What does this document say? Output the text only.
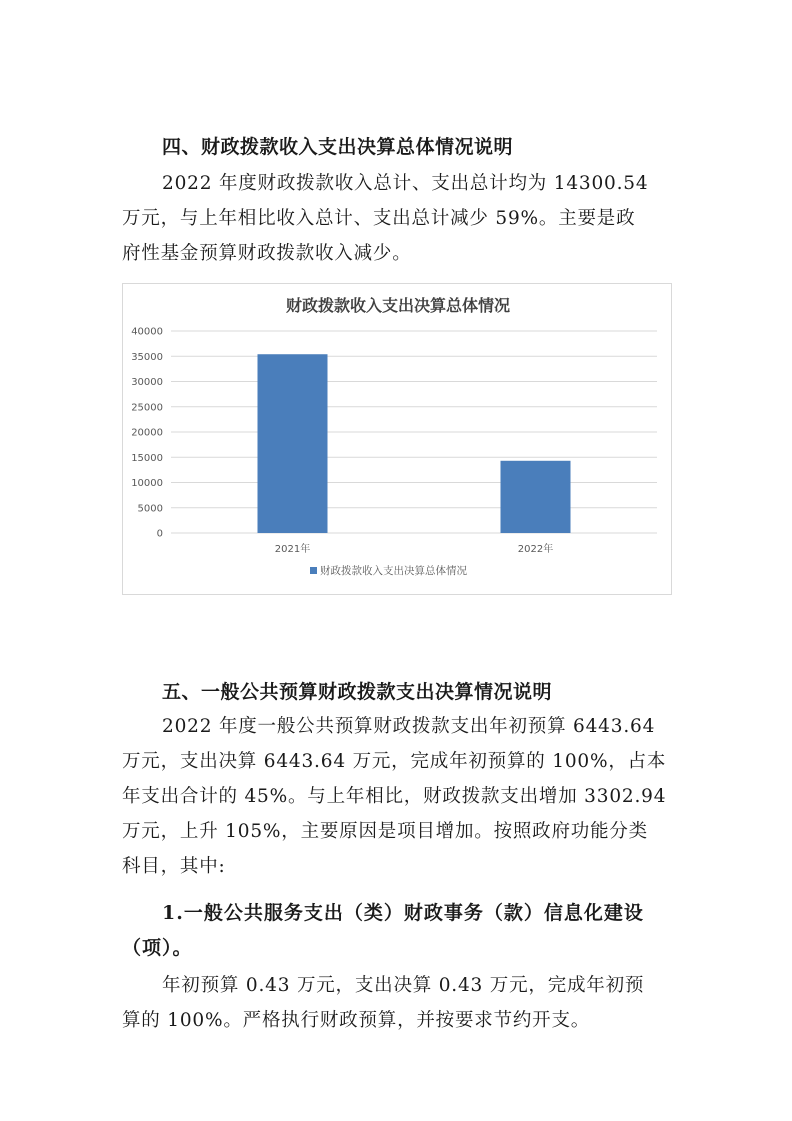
四、财政拨款收入支出决算总体情况说明

2022 年度财政拨款收入总计、支出总计均为 14300.54
万元，与上年相比收入总计、支出总计减少 59%。主要是政
府性基金预算财政拨款收入减少。

财政拨款收入支出决算总体情况
0
5000
10000
15000
20000
25000
30000
35000
40000
2021年	2022年
财政拨款收入支出决算总体情况
五、一般公共预算财政拨款支出决算情况说明

2022 年度一般公共预算财政拨款支出年初预算 6443.64
万元，支出决算 6443.64 万元，完成年初预算的 100%，占本
年支出合计的 45%。与上年相比，财政拨款支出增加 3302.94
万元，上升 105%，主要原因是项目增加。按照政府功能分类
科目，其中:

1.一般公共服务支出（类）财政事务（款）信息化建设
（项）。

年初预算 0.43 万元，支出决算 0.43 万元，完成年初预
算的 100%。严格执行财政预算，并按要求节约开支。
